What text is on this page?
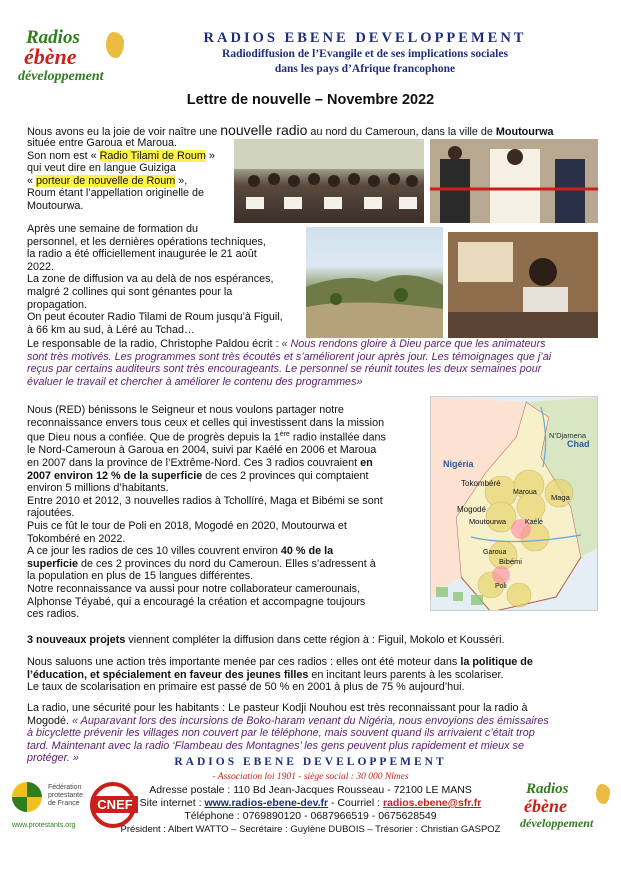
Radios
ébène
développement
RADIOS EBENE DEVELOPPEMENT
Radiodiffusion de l’Evangile et de ses implications sociales
dans les pays d’Afrique francophone
Lettre de nouvelle – Novembre 2022
Nous avons eu la joie de voir naître une nouvelle radio au nord du Cameroun, dans la ville de Moutourwa
située entre Garoua et Maroua.
Son nom est « Radio Tilami de Roum »
qui veut dire en langue Guiziga
« porteur de nouvelle de Roum »,
Roum étant l’appellation originelle de
Moutourwa.
Après une semaine de formation du
personnel, et les dernières opérations techniques,
la radio a été officiellement inaugurée le 21 août
2022.
La zone de diffusion va au delà de nos espérances,
malgré 2 collines qui sont génantes pour la
propagation.
On peut écouter Radio Tilami de Roum jusqu’à Figuil,
à 66 km au sud, à Léré au Tchad…
Le responsable de la radio, Christophe Paldou écrit : « Nous rendons gloire à Dieu parce que les animateurs
sont très motivés. Les programmes sont très écoutés et s’améliorent jour après jour. Les témoignages que j’ai
reçus par certains auditeurs sont très encourageants. Le personnel se réunit toutes les deux semaines pour
évaluer le travail et chercher à améliorer le contenu des programmes»
Nous (RED) bénissons le Seigneur et nous voulons partager notre
reconnaissance envers tous ceux et celles qui investissent dans la mission
que Dieu nous a confiée. Que de progrès depuis la 1ère radio installée dans
le Nord-Cameroun à Garoua en 2004, suivi par Kaélé en 2006 et Maroua
en 2007 dans la province de l’Extrême-Nord. Ces 3 radios couvraient en
2007 environ 12 % de la superficie de ces 2 provinces qui comptaient
environ 5 millions d’habitants.
Entre 2010 et 2012, 3 nouvelles radios à Tchollíré, Maga et Bibémi se sont
rajoutées.
Puis ce fût le tour de Poli en 2018, Mogodé en 2020, Moutourwa et
Tokombéré en 2022.
A ce jour les radios de ces 10 villes couvrent environ 40 % de la
superficie de ces 2 provinces du nord du Cameroun. Elles s’adressent à
la population en plus de 15 langues différentes.
Notre reconnaissance va aussi pour notre collaborateur camerounais,
Alphonse Téyabé, qui a encouragé la création et accompagne toujours
ces radios.
3 nouveaux projets viennent compléter la diffusion dans cette région à : Figuil, Mokolo et Kousséri.
N’Djamena
Nigéria
Chad
Tokombéré
Maroua
Maga
Mogodé
Moutourwa	Kaélé
Garoua
Bibémi
Poli
Nous saluons une action très importante menée par ces radios : elles ont été moteur dans la politique de
l’éducation, et spécialement en faveur des jeunes filles en incitant leurs parents à les scolariser.
Le taux de scolarisation en primaire est passé de 50 % en 2001 à plus de 75 % aujourd’hui.
La radio, une sécurité pour les habitants : Le pasteur Kodji Nouhou est très reconnaissant pour la radio à
Mogodé. « Auparavant lors des incursions de Boko-haram venant du Nigéria, nous envoyions des émissaires
à bicyclette prévenir les villages non couvert par le téléphone, mais souvent quand ils arrivaient c’était trop
tard. Maintenant avec la radio ‘Flambeau des Montagnes’ les gens peuvent plus rapidement et mieux se
protéger. »	RADIOS EBENE DEVELOPPEMENT
- Association loi 1901 - siège social : 30 000 Nîmes
Adresse postale : 110 Bd Jean-Jacques Rousseau - 72100 LE MANS
Site internet : www.radios-ebene-dev.fr - Courriel : radios.ebene@sfr.fr
Téléphone : 0769890120 - 0687966519 - 0675628549
Président : Albert WATTO – Secrétaire : Guylène DUBOIS – Trésorier : Christian GASPOZ
Fédération
protestante
de France
www.protestants.org
CNEF
Radios
ébène
développement
